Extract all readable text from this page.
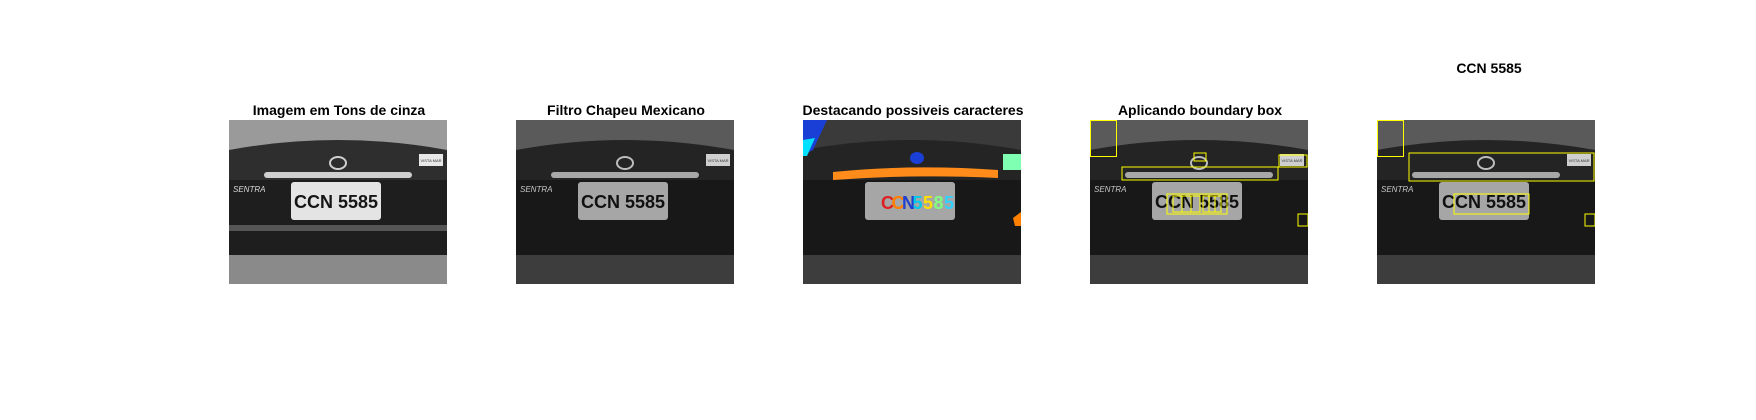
CCN 5585
Imagem em Tons de cinza
VISTA MAR
SENTRA
CCN 5585
Filtro Chapeu Mexicano
VISTA MAR
SENTRA
CCN 5585
Destacando possiveis caracteres
C
C
N
5 5 8 5
Aplicando boundary box
VISTA MAR
SENTRA
CCN 5585
VISTA MAR
SENTRA
CCN 5585
